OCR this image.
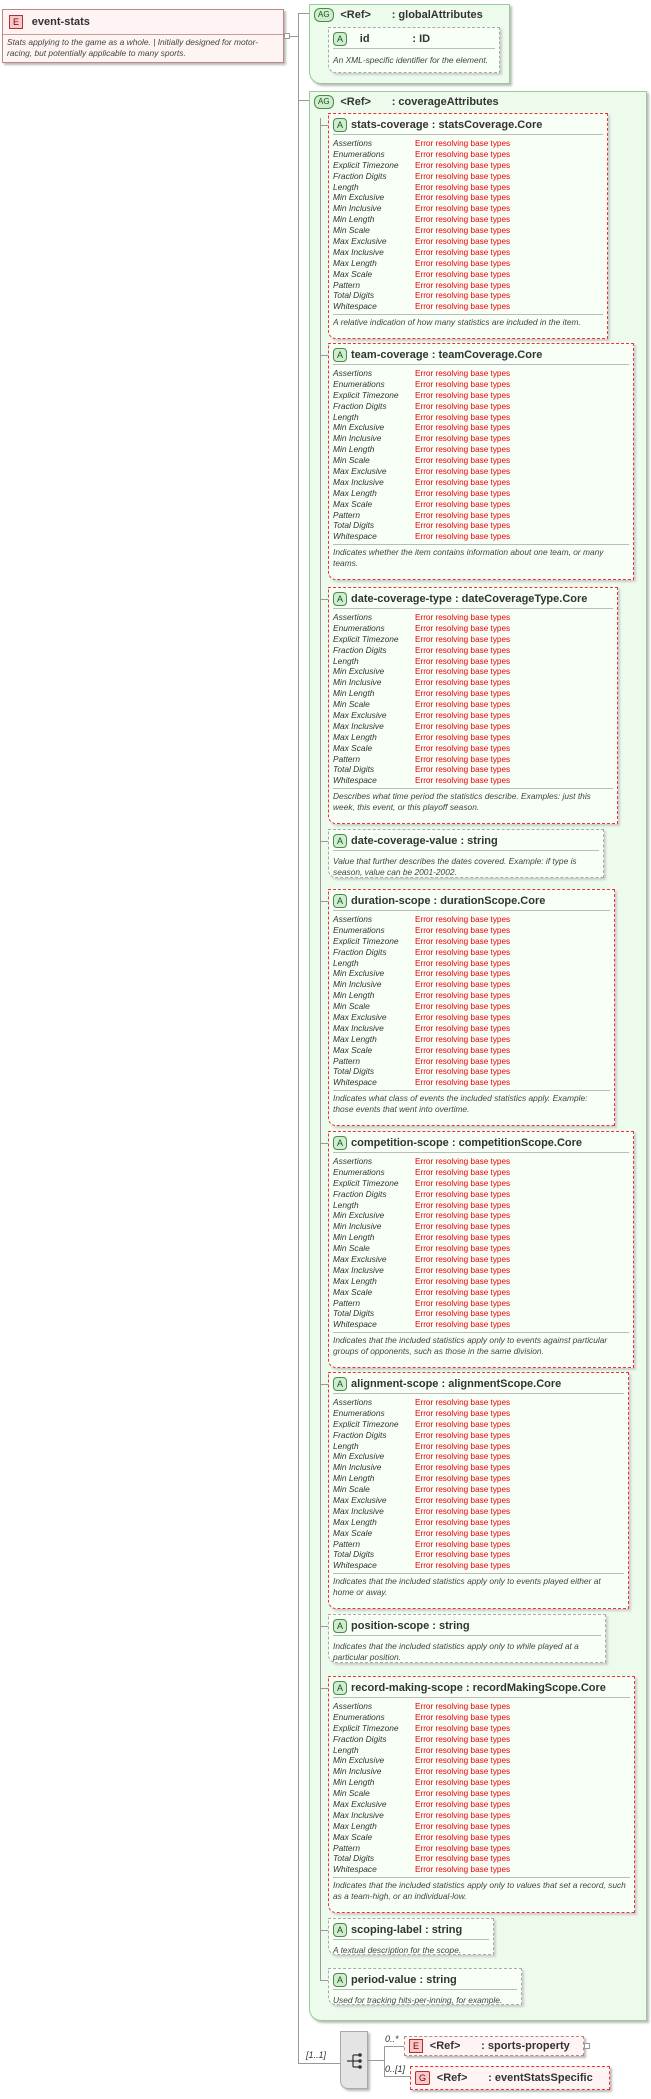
E event-stats
Stats applying to the game as a whole. | Initially designed for motor-racing, but potentially applicable to many sports.
AG <Ref> : globalAttributes
A id	: ID
An XML-specific identifier for the element.
AG <Ref> : coverageAttributes
A stats-coverage : statsCoverage.Core
Assertions	Error resolving base types
Enumerations	Error resolving base types
Explicit Timezone Error resolving base types
Fraction Digits	Error resolving base types
Length	Error resolving base types
Min Exclusive	Error resolving base types
Min Inclusive	Error resolving base types
Min Length	Error resolving base types
Min Scale	Error resolving base types
Max Exclusive	Error resolving base types
Max Inclusive	Error resolving base types
Max Length	Error resolving base types
Max Scale	Error resolving base types
Pattern	Error resolving base types
Total Digits	Error resolving base types
Whitespace	Error resolving base types
A relative indication of how many statistics are included in the item.
A team-coverage : teamCoverage.Core
Assertions	Error resolving base types
Enumerations	Error resolving base types
Explicit Timezone Error resolving base types
Fraction Digits	Error resolving base types
Length	Error resolving base types
Min Exclusive	Error resolving base types
Min Inclusive	Error resolving base types
Min Length	Error resolving base types
Min Scale	Error resolving base types
Max Exclusive	Error resolving base types
Max Inclusive	Error resolving base types
Max Length	Error resolving base types
Max Scale	Error resolving base types
Pattern	Error resolving base types
Total Digits	Error resolving base types
Whitespace	Error resolving base types
Indicates whether the item contains information about one team, or many teams.
A date-coverage-type : dateCoverageType.Core
Assertions	Error resolving base types
Enumerations	Error resolving base types
Explicit Timezone Error resolving base types
Fraction Digits	Error resolving base types
Length	Error resolving base types
Min Exclusive	Error resolving base types
Min Inclusive	Error resolving base types
Min Length	Error resolving base types
Min Scale	Error resolving base types
Max Exclusive	Error resolving base types
Max Inclusive	Error resolving base types
Max Length	Error resolving base types
Max Scale	Error resolving base types
Pattern	Error resolving base types
Total Digits	Error resolving base types
Whitespace	Error resolving base types
Describes what time period the statistics describe. Examples: just this week, this event, or this playoff season.
A date-coverage-value : string
Value that further describes the dates covered. Example: if type is season, value can be 2001-2002.
A duration-scope : durationScope.Core
Assertions	Error resolving base types
Enumerations	Error resolving base types
Explicit Timezone Error resolving base types
Fraction Digits	Error resolving base types
Length	Error resolving base types
Min Exclusive	Error resolving base types
Min Inclusive	Error resolving base types
Min Length	Error resolving base types
Min Scale	Error resolving base types
Max Exclusive	Error resolving base types
Max Inclusive	Error resolving base types
Max Length	Error resolving base types
Max Scale	Error resolving base types
Pattern	Error resolving base types
Total Digits	Error resolving base types
Whitespace	Error resolving base types
Indicates what class of events the included statistics apply. Example: those events that went into overtime.
A competition-scope : competitionScope.Core
Assertions	Error resolving base types
Enumerations	Error resolving base types
Explicit Timezone Error resolving base types
Fraction Digits	Error resolving base types
Length	Error resolving base types
Min Exclusive	Error resolving base types
Min Inclusive	Error resolving base types
Min Length	Error resolving base types
Min Scale	Error resolving base types
Max Exclusive	Error resolving base types
Max Inclusive	Error resolving base types
Max Length	Error resolving base types
Max Scale	Error resolving base types
Pattern	Error resolving base types
Total Digits	Error resolving base types
Whitespace	Error resolving base types
Indicates that the included statistics apply only to events against particular groups of opponents, such as those in the same division.
A alignment-scope : alignmentScope.Core
Assertions	Error resolving base types
Enumerations	Error resolving base types
Explicit Timezone Error resolving base types
Fraction Digits	Error resolving base types
Length	Error resolving base types
Min Exclusive	Error resolving base types
Min Inclusive	Error resolving base types
Min Length	Error resolving base types
Min Scale	Error resolving base types
Max Exclusive	Error resolving base types
Max Inclusive	Error resolving base types
Max Length	Error resolving base types
Max Scale	Error resolving base types
Pattern	Error resolving base types
Total Digits	Error resolving base types
Whitespace	Error resolving base types
Indicates that the included statistics apply only to events played either at home or away.
A position-scope : string
Indicates that the included statistics apply only to while played at a particular position.
A record-making-scope : recordMakingScope.Core
Assertions	Error resolving base types
Enumerations	Error resolving base types
Explicit Timezone Error resolving base types
Fraction Digits	Error resolving base types
Length	Error resolving base types
Min Exclusive	Error resolving base types
Min Inclusive	Error resolving base types
Min Length	Error resolving base types
Min Scale	Error resolving base types
Max Exclusive	Error resolving base types
Max Inclusive	Error resolving base types
Max Length	Error resolving base types
Max Scale	Error resolving base types
Pattern	Error resolving base types
Total Digits	Error resolving base types
Whitespace	Error resolving base types
Indicates that the included statistics apply only to values that set a record, such as a team-high, or an individual-low.
A scoping-label : string
A textual description for the scope.
A period-value : string
Used for tracking hits-per-inning, for example.
[1..1]
0..*
E <Ref> : sports-property
0..[1]
G <Ref> : eventStatsSpecific
